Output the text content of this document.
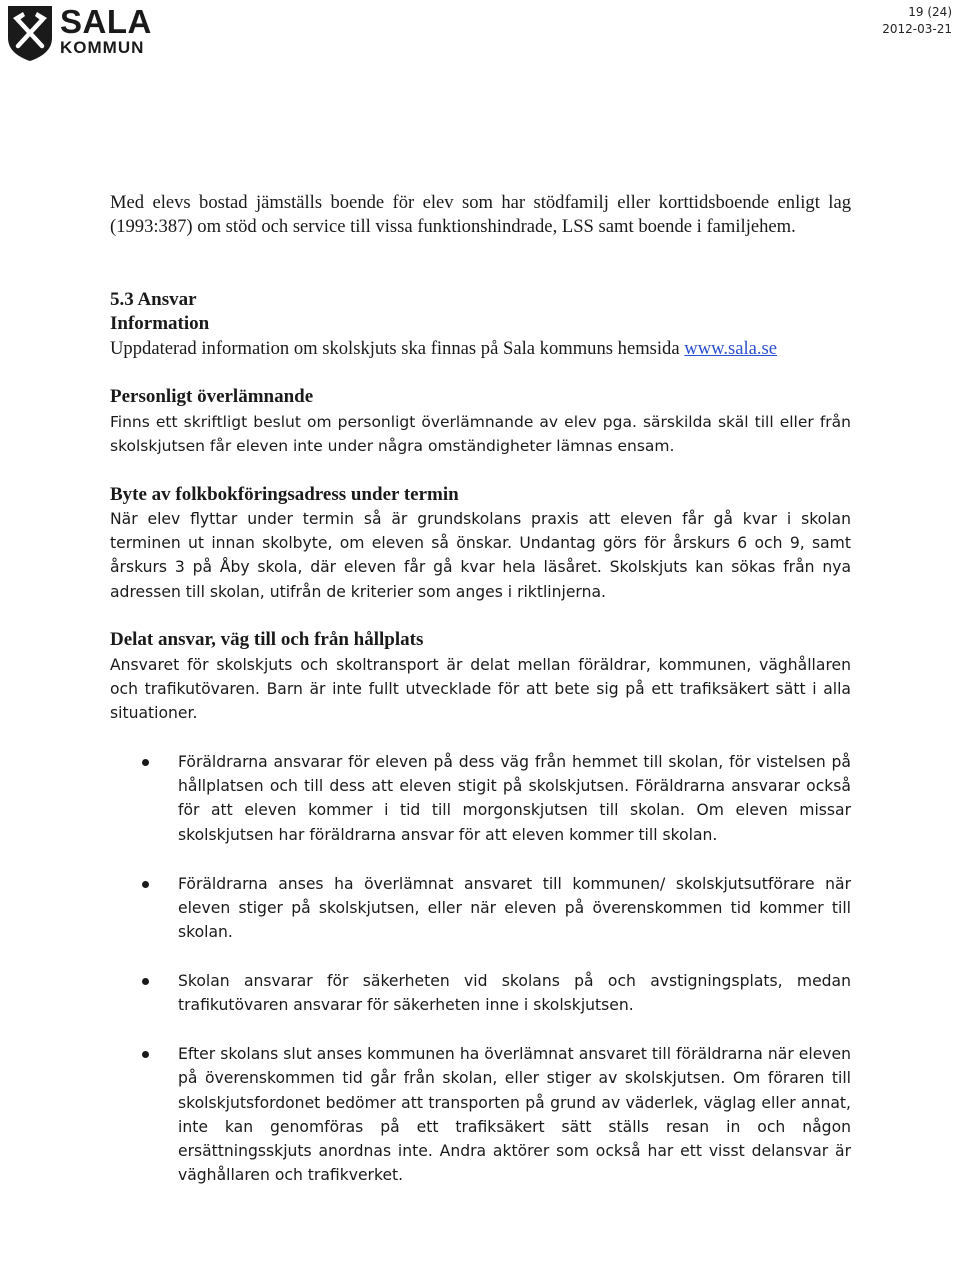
SALA
KOMMUN
19 (24)
2012-03-21

Med elevs bostad jämställs boende för elev som har stödfamilj eller korttidsboende enligt lag (1993:387) om stöd och service till vissa funktionshindrade, LSS samt boende i familjehem.

5.3 Ansvar
Information

Uppdaterad information om skolskjuts ska finnas på Sala kommuns hemsida www.sala.se

Personligt överlämnande

Finns ett skriftligt beslut om personligt överlämnande av elev pga. särskilda skäl till eller från skolskjutsen får eleven inte under några omständigheter lämnas ensam.

Byte av folkbokföringsadress under termin

När elev flyttar under termin så är grundskolans praxis att eleven får gå kvar i skolan terminen ut innan skolbyte, om eleven så önskar. Undantag görs för årskurs 6 och 9, samt årskurs 3 på Åby skola, där eleven får gå kvar hela läsåret. Skolskjuts kan sökas från nya adressen till skolan, utifrån de kriterier som anges i riktlinjerna.

Delat ansvar, väg till och från hållplats

Ansvaret för skolskjuts och skoltransport är delat mellan föräldrar, kommunen, väghållaren och trafikutövaren. Barn är inte fullt utvecklade för att bete sig på ett trafiksäkert sätt i alla situationer.

Föräldrarna ansvarar för eleven på dess väg från hemmet till skolan, för vistelsen på hållplatsen och till dess att eleven stigit på skolskjutsen. Föräldrarna ansvarar också för att eleven kommer i tid till morgonskjutsen till skolan. Om eleven missar skolskjutsen har föräldrarna ansvar för att eleven kommer till skolan.

Föräldrarna anses ha överlämnat ansvaret till kommunen/ skolskjutsutförare när eleven stiger på skolskjutsen, eller när eleven på överenskommen tid kommer till skolan.

Skolan ansvarar för säkerheten vid skolans på och avstigningsplats, medan trafikutövaren ansvarar för säkerheten inne i skolskjutsen.

Efter skolans slut anses kommunen ha överlämnat ansvaret till föräldrarna när eleven på överenskommen tid går från skolan, eller stiger av skolskjutsen. Om föraren till skolskjutsfordonet bedömer att transporten på grund av väderlek, väglag eller annat, inte kan genomföras på ett trafiksäkert sätt ställs resan in och någon ersättningsskjuts anordnas inte. Andra aktörer som också har ett visst delansvar är väghållaren och trafikverket.
